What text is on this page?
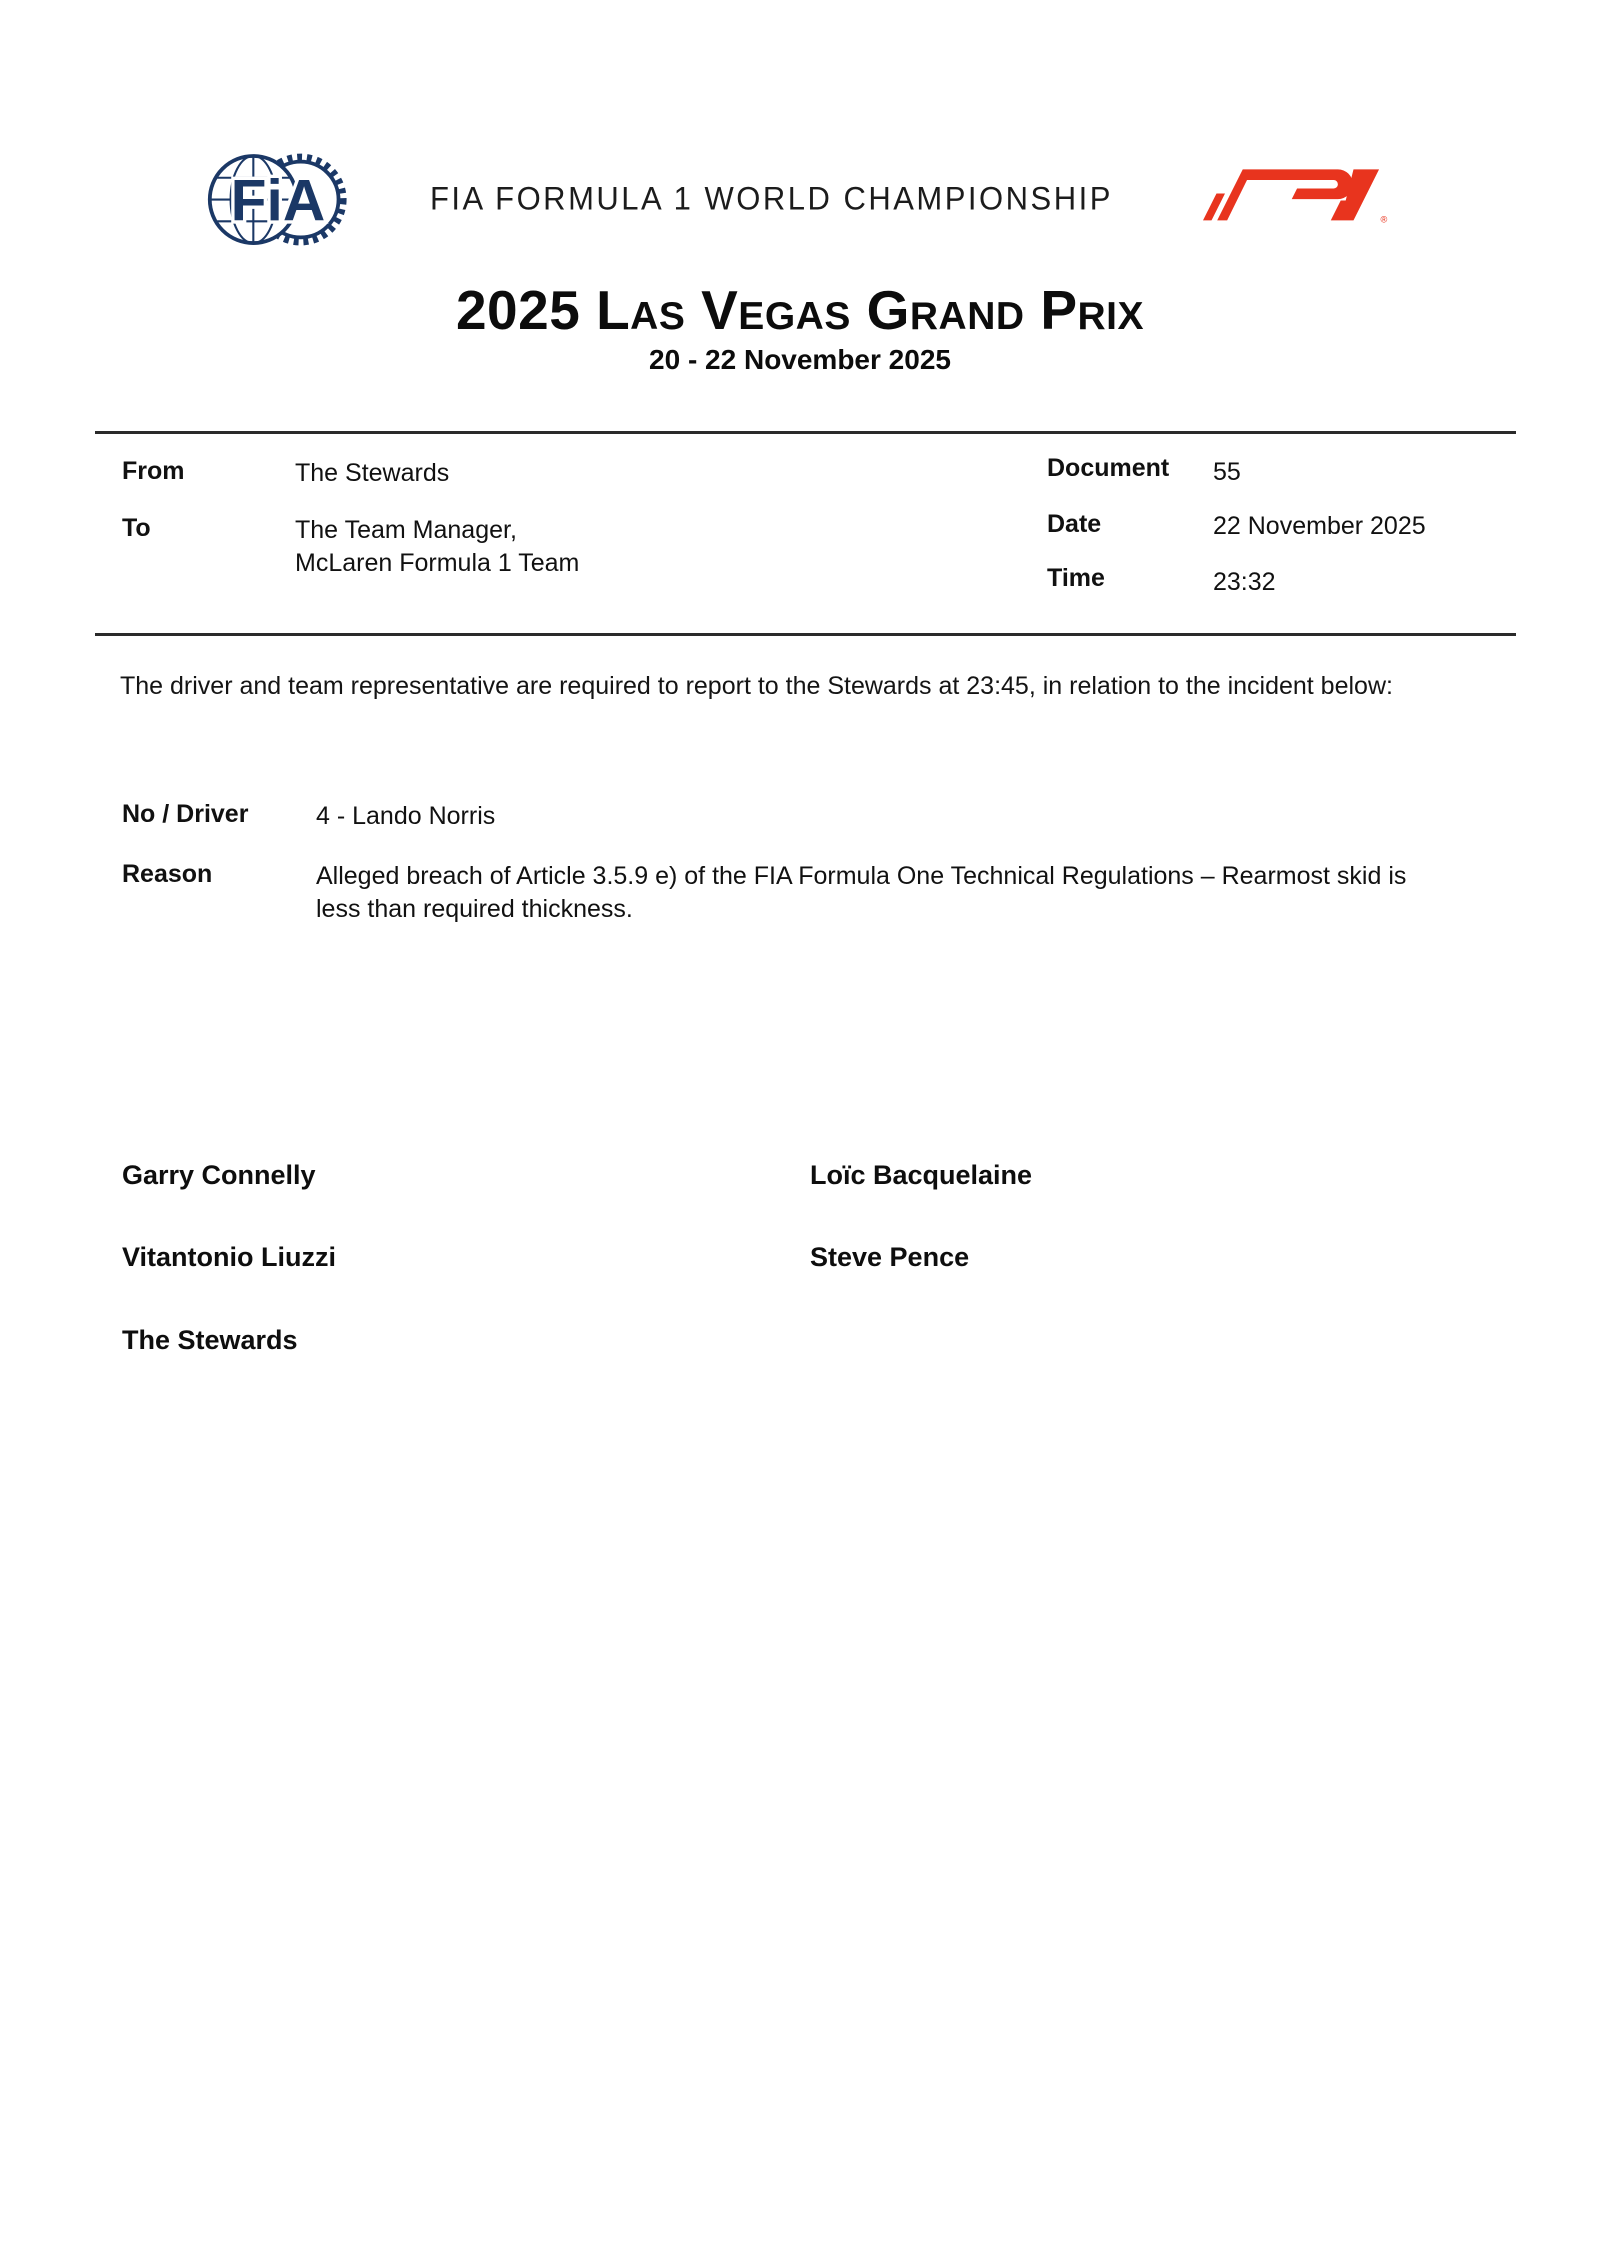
FiA	FIA FORMULA 1 WORLD CHAMPIONSHIP
®
2025 Las Vegas Grand Prix
20 - 22 November 2025
From	The Stewards
To	The Team Manager,
McLaren Formula 1 Team
Document 55
Date	22 November 2025
Time	23:32
The driver and team representative are required to report to the Stewards at 23:45, in relation to the incident below:
No / Driver	4 - Lando Norris
Reason	Alleged breach of Article 3.5.9 e) of the FIA Formula One Technical Regulations – Rearmost skid is less than required thickness.
Garry Connelly	Loïc Bacquelaine
Vitantonio Liuzzi	Steve Pence
The Stewards
